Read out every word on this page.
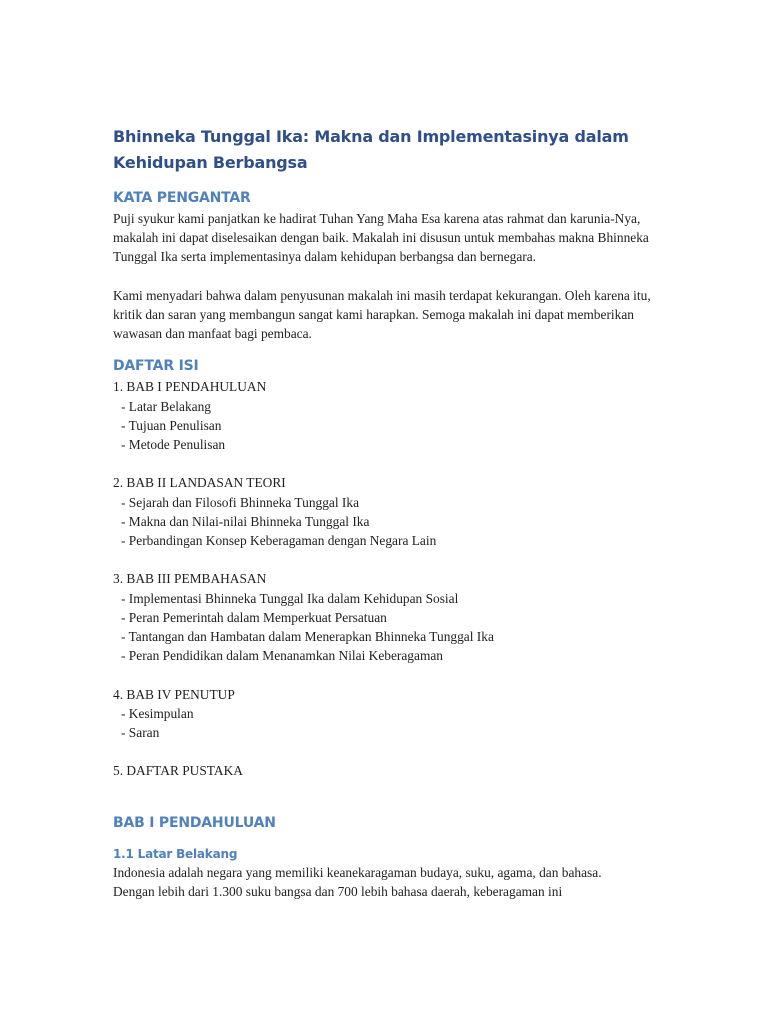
Bhinneka Tunggal Ika: Makna dan Implementasinya dalam Kehidupan Berbangsa
KATA PENGANTAR

Puji syukur kami panjatkan ke hadirat Tuhan Yang Maha Esa karena atas rahmat dan karunia-Nya, makalah ini dapat diselesaikan dengan baik. Makalah ini disusun untuk membahas makna Bhinneka Tunggal Ika serta implementasinya dalam kehidupan berbangsa dan bernegara.

Kami menyadari bahwa dalam penyusunan makalah ini masih terdapat kekurangan. Oleh karena itu, kritik dan saran yang membangun sangat kami harapkan. Semoga makalah ini dapat memberikan wawasan dan manfaat bagi pembaca.

DAFTAR ISI
1. BAB I PENDAHULUAN
- Latar Belakang
- Tujuan Penulisan
- Metode Penulisan
2. BAB II LANDASAN TEORI
- Sejarah dan Filosofi Bhinneka Tunggal Ika
- Makna dan Nilai-nilai Bhinneka Tunggal Ika
- Perbandingan Konsep Keberagaman dengan Negara Lain
3. BAB III PEMBAHASAN
- Implementasi Bhinneka Tunggal Ika dalam Kehidupan Sosial
- Peran Pemerintah dalam Memperkuat Persatuan
- Tantangan dan Hambatan dalam Menerapkan Bhinneka Tunggal Ika
- Peran Pendidikan dalam Menanamkan Nilai Keberagaman
4. BAB IV PENUTUP
- Kesimpulan
- Saran
5. DAFTAR PUSTAKA
BAB I PENDAHULUAN
1.1 Latar Belakang

Indonesia adalah negara yang memiliki keanekaragaman budaya, suku, agama, dan bahasa.
Dengan lebih dari 1.300 suku bangsa dan 700 lebih bahasa daerah, keberagaman ini
